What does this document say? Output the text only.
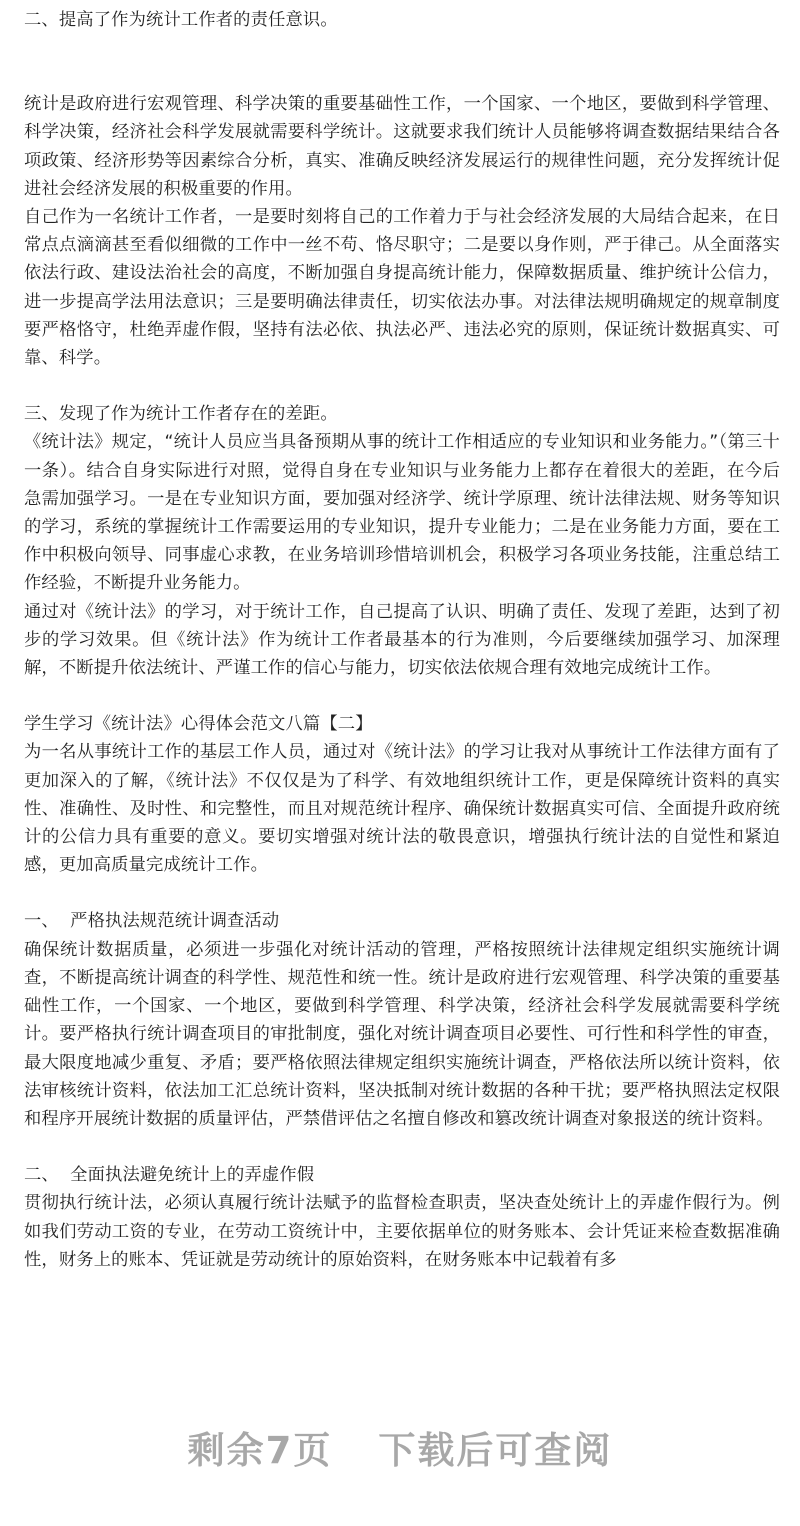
二、提高了作为统计工作者的责任意识。

统计是政府进行宏观管理、科学决策的重要基础性工作，一个国家、一个地区，要做到科学管理、科学决策，经济社会科学发展就需要科学统计。这就要求我们统计人员能够将调查数据结果结合各项政策、经济形势等因素综合分析，真实、准确反映经济发展运行的规律性问题，充分发挥统计促进社会经济发展的积极重要的作用。

自己作为一名统计工作者，一是要时刻将自己的工作着力于与社会经济发展的大局结合起来，在日常点点滴滴甚至看似细微的工作中一丝不苟、恪尽职守；二是要以身作则，严于律己。从全面落实依法行政、建设法治社会的高度，不断加强自身提高统计能力，保障数据质量、维护统计公信力，进一步提高学法用法意识；三是要明确法律责任，切实依法办事。对法律法规明确规定的规章制度要严格恪守，杜绝弄虚作假，坚持有法必依、执法必严、违法必究的原则，保证统计数据真实、可靠、科学。

三、发现了作为统计工作者存在的差距。

《统计法》规定，“统计人员应当具备预期从事的统计工作相适应的专业知识和业务能力。”（第三十一条）。结合自身实际进行对照，觉得自身在专业知识与业务能力上都存在着很大的差距，在今后急需加强学习。一是在专业知识方面，要加强对经济学、统计学原理、统计法律法规、财务等知识的学习，系统的掌握统计工作需要运用的专业知识，提升专业能力；二是在业务能力方面，要在工作中积极向领导、同事虚心求教，在业务培训珍惜培训机会，积极学习各项业务技能，注重总结工作经验，不断提升业务能力。

通过对《统计法》的学习，对于统计工作，自己提高了认识、明确了责任、发现了差距，达到了初步的学习效果。但《统计法》作为统计工作者最基本的行为准则，今后要继续加强学习、加深理解，不断提升依法统计、严谨工作的信心与能力，切实依法依规合理有效地完成统计工作。

学生学习《统计法》心得体会范文八篇【二】

为一名从事统计工作的基层工作人员，通过对《统计法》的学习让我对从事统计工作法律方面有了更加深入的了解，《统计法》不仅仅是为了科学、有效地组织统计工作，更是保障统计资料的真实性、准确性、及时性、和完整性，而且对规范统计程序、确保统计数据真实可信、全面提升政府统计的公信力具有重要的意义。要切实增强对统计法的敬畏意识，增强执行统计法的自觉性和紧迫感，更加高质量完成统计工作。

一、  严格执法规范统计调查活动

确保统计数据质量，必须进一步强化对统计活动的管理，严格按照统计法律规定组织实施统计调查，不断提高统计调查的科学性、规范性和统一性。统计是政府进行宏观管理、科学决策的重要基础性工作，一个国家、一个地区，要做到科学管理、科学决策，经济社会科学发展就需要科学统计。要严格执行统计调查项目的审批制度，强化对统计调查项目必要性、可行性和科学性的审查，最大限度地减少重复、矛盾；要严格依照法律规定组织实施统计调查，严格依法所以统计资料，依法审核统计资料，依法加工汇总统计资料，坚决抵制对统计数据的各种干扰；要严格执照法定权限和程序开展统计数据的质量评估，严禁借评估之名擅自修改和篡改统计调查对象报送的统计资料。

二、  全面执法避免统计上的弄虚作假

贯彻执行统计法，必须认真履行统计法赋予的监督检查职责，坚决查处统计上的弄虚作假行为。例如我们劳动工资的专业，在劳动工资统计中，主要依据单位的财务账本、会计凭证来检查数据准确性，财务上的账本、凭证就是劳动统计的原始资料，在财务账本中记载着有多

剩余7页 下载后可查阅
